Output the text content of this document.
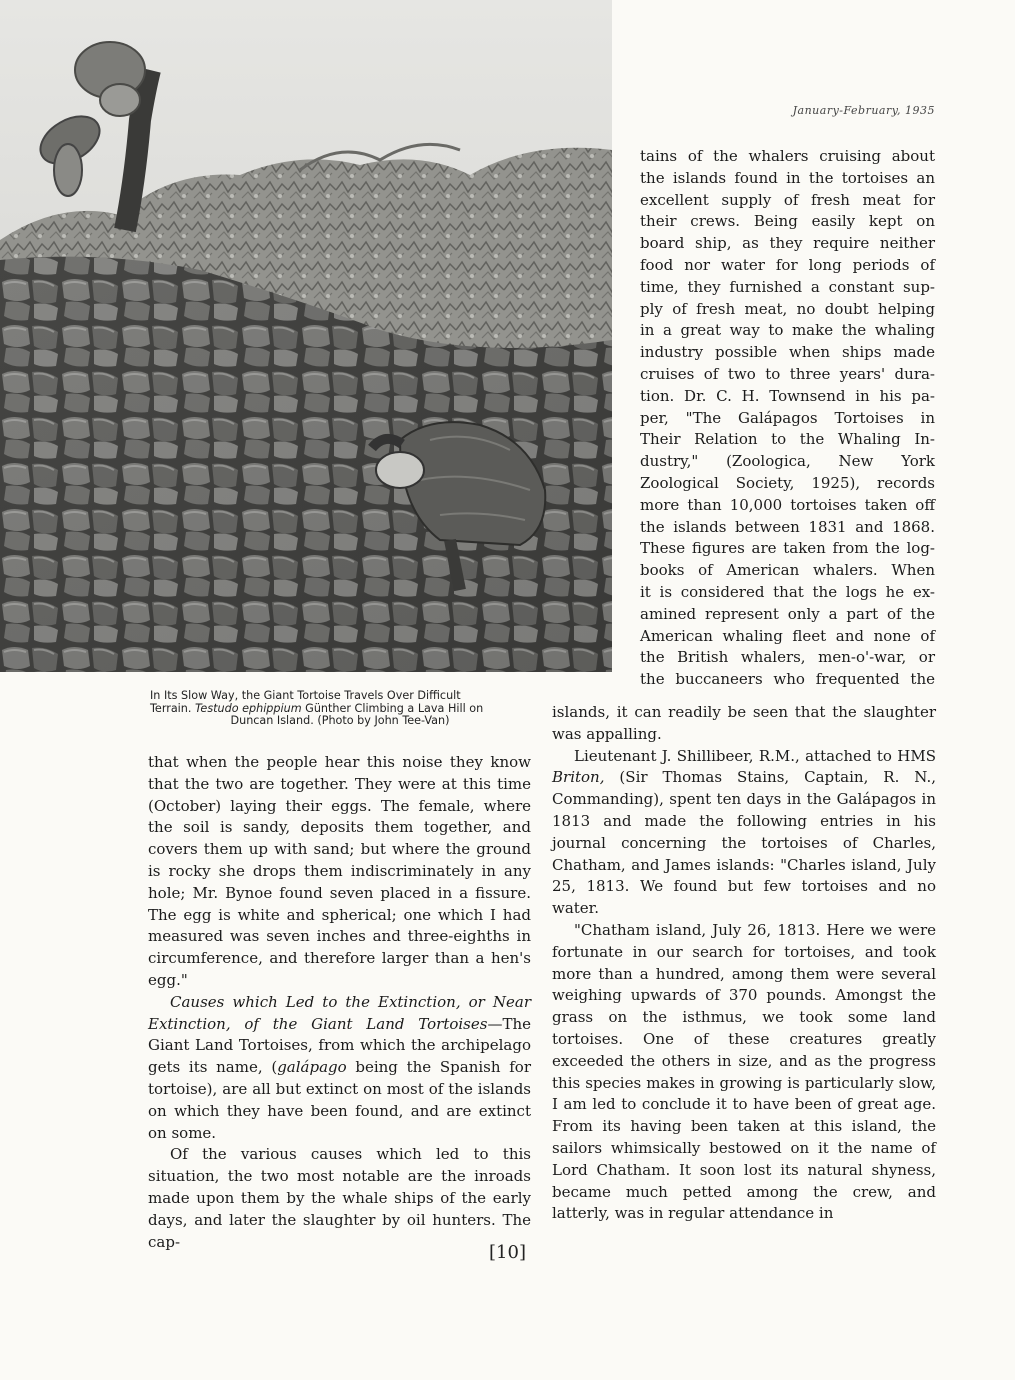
January-February, 1935
In Its Slow Way, the Giant Tortoise Travels Over Difficult
Terrain. Testudo ephippium Günther Climbing a Lava Hill on
Duncan Island. (Photo by John Tee-Van)
tains of the whalers cruising about
the islands found in the tortoises an
excellent supply of fresh meat for
their crews. Being easily kept on
board ship, as they require neither
food nor water for long periods of
time, they furnished a constant sup-
ply of fresh meat, no doubt helping
in a great way to make the whaling
industry possible when ships made
cruises of two to three years' dura-
tion. Dr. C. H. Townsend in his pa-
per, "The Galápagos Tortoises in
Their Relation to the Whaling In-
dustry," (Zoologica, New York
Zoological Society, 1925), records
more than 10,000 tortoises taken off
the islands between 1831 and 1868.
These figures are taken from the log-
books of American whalers. When
it is considered that the logs he ex-
amined represent only a part of the
American whaling fleet and none of
the British whalers, men-o'-war, or
the buccaneers who frequented the

that when the people hear this noise they know that the two are together. They were at this time (October) laying their eggs. The female, where the soil is sandy, deposits them together, and covers them up with sand; but where the ground is rocky she drops them indiscriminately in any hole; Mr. Bynoe found seven placed in a fissure. The egg is white and spherical; one which I had measured was seven inches and three-eighths in circumference, and therefore larger than a hen's egg."

Causes which Led to the Extinction, or Near Extinction, of the Giant Land Tortoises—The Giant Land Tortoises, from which the archipelago gets its name, (galápago being the Spanish for tortoise), are all but extinct on most of the islands on which they have been found, and are extinct on some.

Of the various causes which led to this situation, the two most notable are the inroads made upon them by the whale ships of the early days, and later the slaughter by oil hunters. The cap-

islands, it can readily be seen that the slaughter was appalling.

Lieutenant J. Shillibeer, R.M., attached to HMS Briton, (Sir Thomas Stains, Captain, R. N., Commanding), spent ten days in the Galápagos in 1813 and made the following entries in his journal concerning the tortoises of Charles, Chatham, and James islands: "Charles island, July 25, 1813. We found but few tortoises and no water.

"Chatham island, July 26, 1813. Here we were fortunate in our search for tortoises, and took more than a hundred, among them were several weighing upwards of 370 pounds. Amongst the grass on the isthmus, we took some land tortoises. One of these creatures greatly exceeded the others in size, and as the progress this species makes in growing is particularly slow, I am led to conclude it to have been of great age. From its having been taken at this island, the sailors whimsically bestowed on it the name of Lord Chatham. It soon lost its natural shyness, became much petted among the crew, and latterly, was in regular attendance in

[10]
